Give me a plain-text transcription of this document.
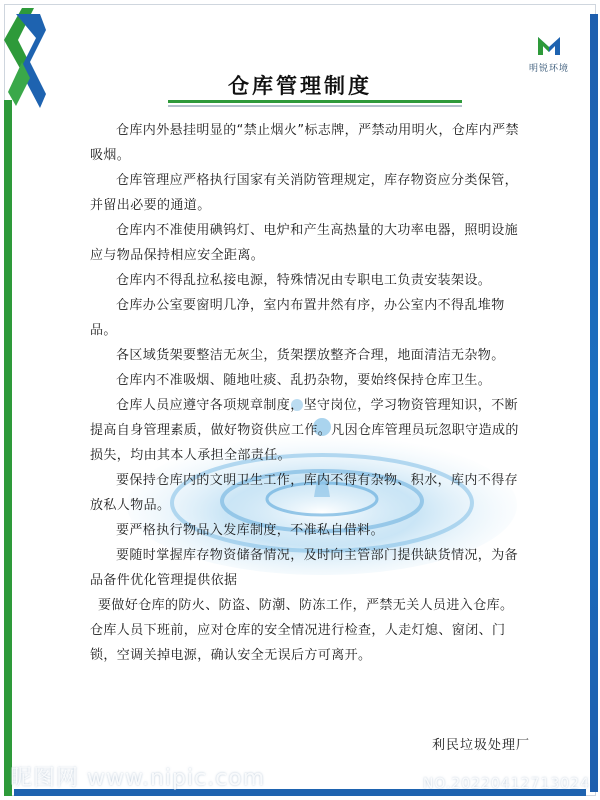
明锐环境
仓库管理制度

仓库内外悬挂明显的“禁止烟火”标志牌，严禁动用明火，仓库内严禁吸烟。

仓库管理应严格执行国家有关消防管理规定，库存物资应分类保管，并留出必要的通道。

仓库内不准使用碘钨灯、电炉和产生高热量的大功率电器，照明设施应与物品保持相应安全距离。

仓库内不得乱拉私接电源，特殊情况由专职电工负责安装架设。

仓库办公室要窗明几净，室内布置井然有序，办公室内不得乱堆物品。

各区域货架要整洁无灰尘，货架摆放整齐合理，地面清洁无杂物。

仓库内不准吸烟、随地吐痰、乱扔杂物，要始终保持仓库卫生。

仓库人员应遵守各项规章制度，坚守岗位，学习物资管理知识，不断提高自身管理素质，做好物资供应工作。凡因仓库管理员玩忽职守造成的损失，均由其本人承担全部责任。

要保持仓库内的文明卫生工作，库内不得有杂物、积水，库内不得存放私人物品。

要严格执行物品入发库制度，不准私自借料。

要随时掌握库存物资储备情况，及时向主管部门提供缺货情况，为备品备件优化管理提供依据

要做好仓库的防火、防盗、防潮、防冻工作，严禁无关人员进入仓库。

仓库人员下班前，应对仓库的安全情况进行检查，人走灯熄、窗闭、门锁，空调关掉电源，确认安全无误后方可离开。

利民垃圾处理厂
昵图网 www.nipic.com	NO.20220412713024
